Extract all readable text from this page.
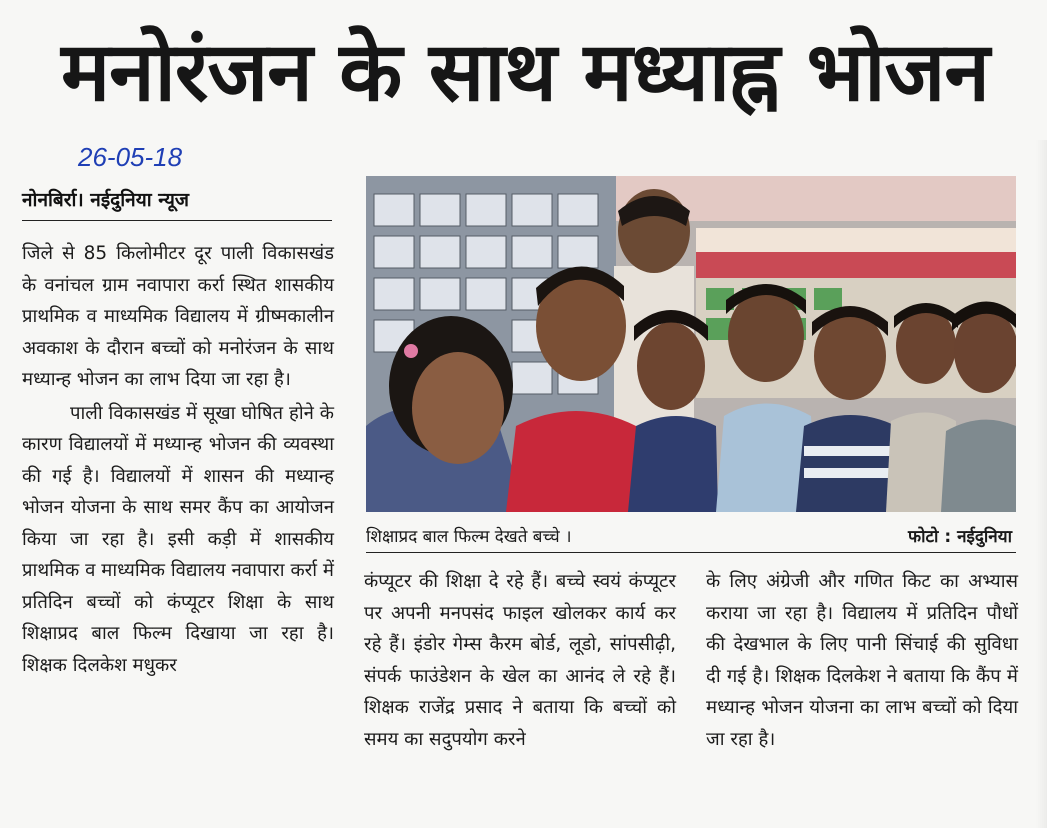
मनोरंजन के साथ मध्याह्न भोजन
26-05-18
नोनबिर्रा। नईदुनिया न्यूज

जिले से 85 किलोमीटर दूर पाली विकासखंड के वनांचल ग्राम नवापारा कर्रा स्थित शासकीय प्राथमिक व माध्यमिक विद्यालय में ग्रीष्मकालीन अवकाश के दौरान बच्चों को मनोरंजन के साथ मध्यान्ह भोजन का लाभ दिया जा रहा है।

पाली विकासखंड में सूखा घोषित होने के कारण विद्यालयों में मध्यान्ह भोजन की व्यवस्था की गई है। विद्यालयों में शासन की मध्यान्ह भोजन योजना के साथ समर कैंप का आयोजन किया जा रहा है। इसी कड़ी में शासकीय प्राथमिक व माध्यमिक विद्यालय नवापारा कर्रा में प्रतिदिन बच्चों को कंप्यूटर शिक्षा के साथ शिक्षाप्रद बाल फिल्म दिखाया जा रहा है। शिक्षक दिलकेश मधुकर

शिक्षाप्रद बाल फिल्म देखते बच्चे ।	फोटो : नईदुनिया

कंप्यूटर की शिक्षा दे रहे हैं। बच्चे स्वयं कंप्यूटर पर अपनी मनपसंद फाइल खोलकर कार्य कर रहे हैं। इंडोर गेम्स कैरम बोर्ड, लूडो, सांपसीढ़ी, संपर्क फाउंडेशन के खेल का आनंद ले रहे हैं। शिक्षक राजेंद्र प्रसाद ने बताया कि बच्चों को समय का सदुपयोग करने

के लिए अंग्रेजी और गणित किट का अभ्यास कराया जा रहा है। विद्यालय में प्रतिदिन पौधों की देखभाल के लिए पानी सिंचाई की सुविधा दी गई है। शिक्षक दिलकेश ने बताया कि कैंप में मध्यान्ह भोजन योजना का लाभ बच्चों को दिया जा रहा है।
